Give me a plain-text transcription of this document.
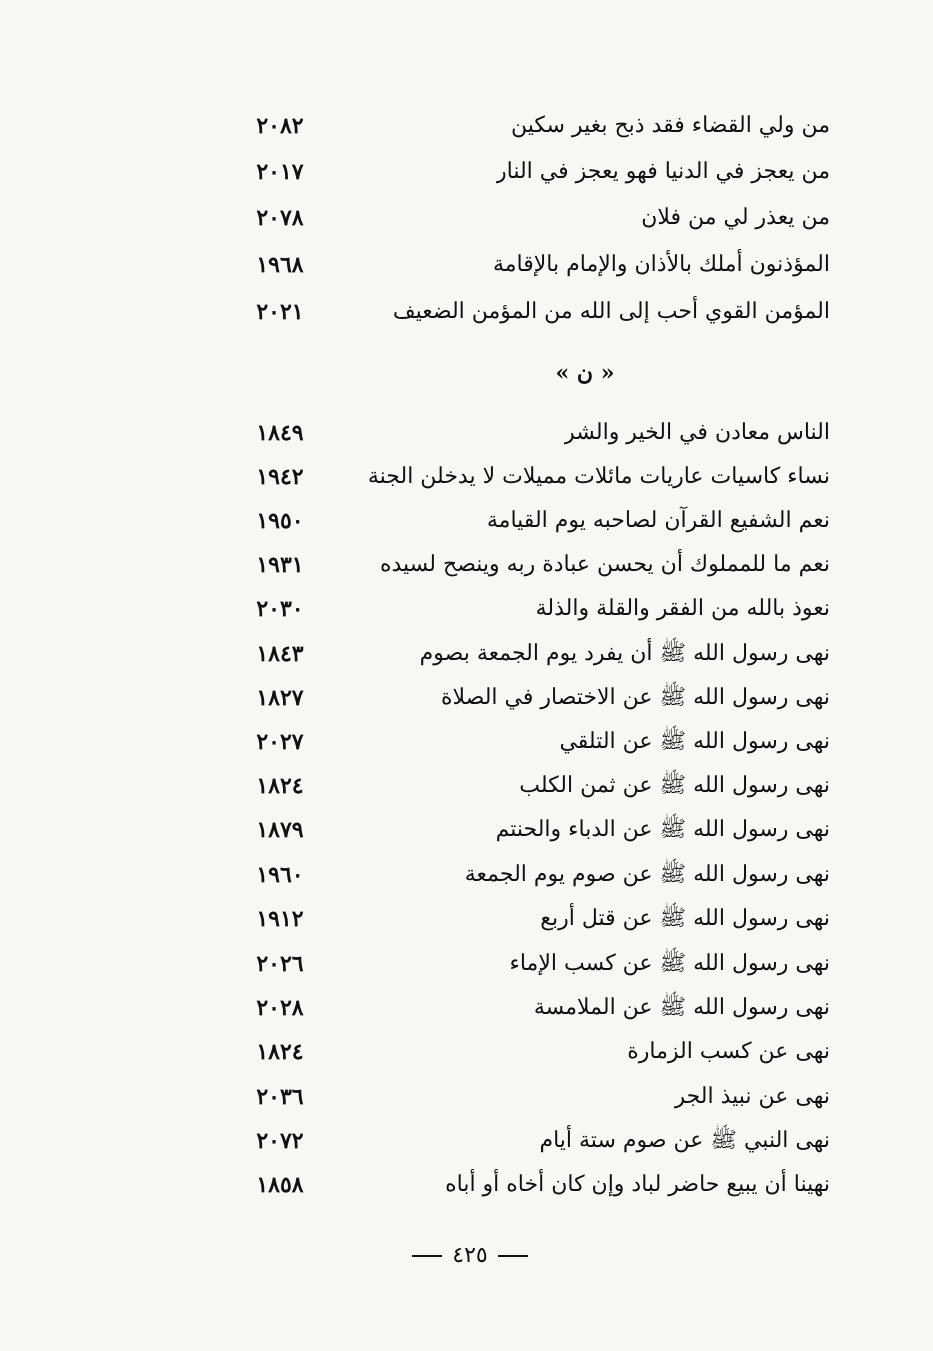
من ولي القضاء فقد ذبح بغير سكين
٢٠٨٢
من يعجز في الدنيا فهو يعجز في النار
٢٠١٧
من يعذر لي من فلان
٢٠٧٨
المؤذنون أملك بالأذان والإمام بالإقامة
١٩٦٨
المؤمن القوي أحب إلى الله من المؤمن الضعيف
٢٠٢١
« ن »
الناس معادن في الخير والشر
١٨٤٩
نساء كاسيات عاريات مائلات مميلات لا يدخلن الجنة
١٩٤٢
نعم الشفيع القرآن لصاحبه يوم القيامة
١٩٥٠
نعم ما للمملوك أن يحسن عبادة ربه وينصح لسيده
١٩٣١
نعوذ بالله من الفقر والقلة والذلة
٢٠٣٠
نهى رسول الله ﷺ أن يفرد يوم الجمعة بصوم
١٨٤٣
نهى رسول الله ﷺ عن الاختصار في الصلاة
١٨٢٧
نهى رسول الله ﷺ عن التلقي
٢٠٢٧
نهى رسول الله ﷺ عن ثمن الكلب
١٨٢٤
نهى رسول الله ﷺ عن الدباء والحنتم
١٨٧٩
نهى رسول الله ﷺ عن صوم يوم الجمعة
١٩٦٠
نهى رسول الله ﷺ عن قتل أربع
١٩١٢
نهى رسول الله ﷺ عن كسب الإماء
٢٠٢٦
نهى رسول الله ﷺ عن الملامسة
٢٠٢٨
نهى عن كسب الزمارة
١٨٢٤
نهى عن نبيذ الجر
٢٠٣٦
نهى النبي ﷺ عن صوم ستة أيام
٢٠٧٢
نهينا أن يبيع حاضر لباد وإن كان أخاه أو أباه
١٨٥٨
٤٢٥
